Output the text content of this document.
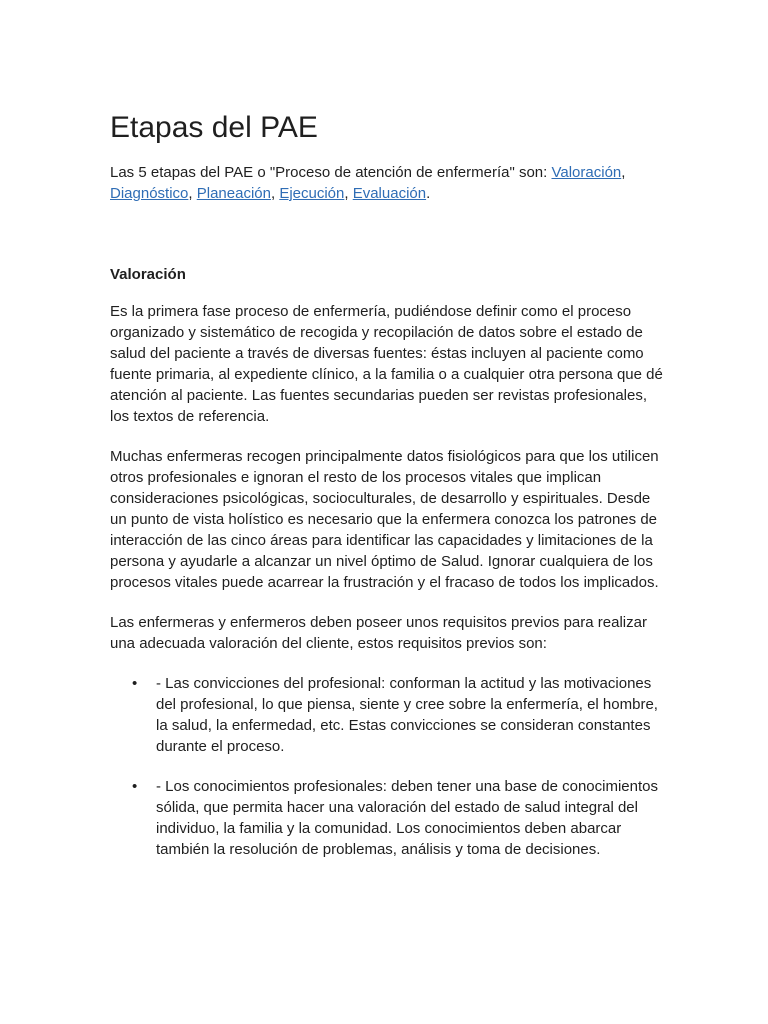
Etapas del PAE

Las 5 etapas del PAE o "Proceso de atención de enfermería" son: Valoración, Diagnóstico, Planeación, Ejecución, Evaluación.

Valoración

Es la primera fase proceso de enfermería, pudiéndose definir como el proceso organizado y sistemático de recogida y recopilación de datos sobre el estado de salud del paciente a través de diversas fuentes: éstas incluyen al paciente como fuente primaria, al expediente clínico, a la familia o a cualquier otra persona que dé atención al paciente. Las fuentes secundarias pueden ser revistas profesionales, los textos de referencia.

Muchas enfermeras recogen principalmente datos fisiológicos para que los utilicen otros profesionales e ignoran el resto de los procesos vitales que implican consideraciones psicológicas, socioculturales, de desarrollo y espirituales. Desde un punto de vista holístico es necesario que la enfermera conozca los patrones de interacción de las cinco áreas para identificar las capacidades y limitaciones de la persona y ayudarle a alcanzar un nivel óptimo de Salud. Ignorar cualquiera de los procesos vitales puede acarrear la frustración y el fracaso de todos los implicados.

Las enfermeras y enfermeros deben poseer unos requisitos previos para realizar una adecuada valoración del cliente, estos requisitos previos son:

• - Las convicciones del profesional: conforman la actitud y las motivaciones del profesional, lo que piensa, siente y cree sobre la enfermería, el hombre, la salud, la enfermedad, etc. Estas convicciones se consideran constantes durante el proceso.
• - Los conocimientos profesionales: deben tener una base de conocimientos sólida, que permita hacer una valoración del estado de salud integral del individuo, la familia y la comunidad. Los conocimientos deben abarcar también la resolución de problemas, análisis y toma de decisiones.
